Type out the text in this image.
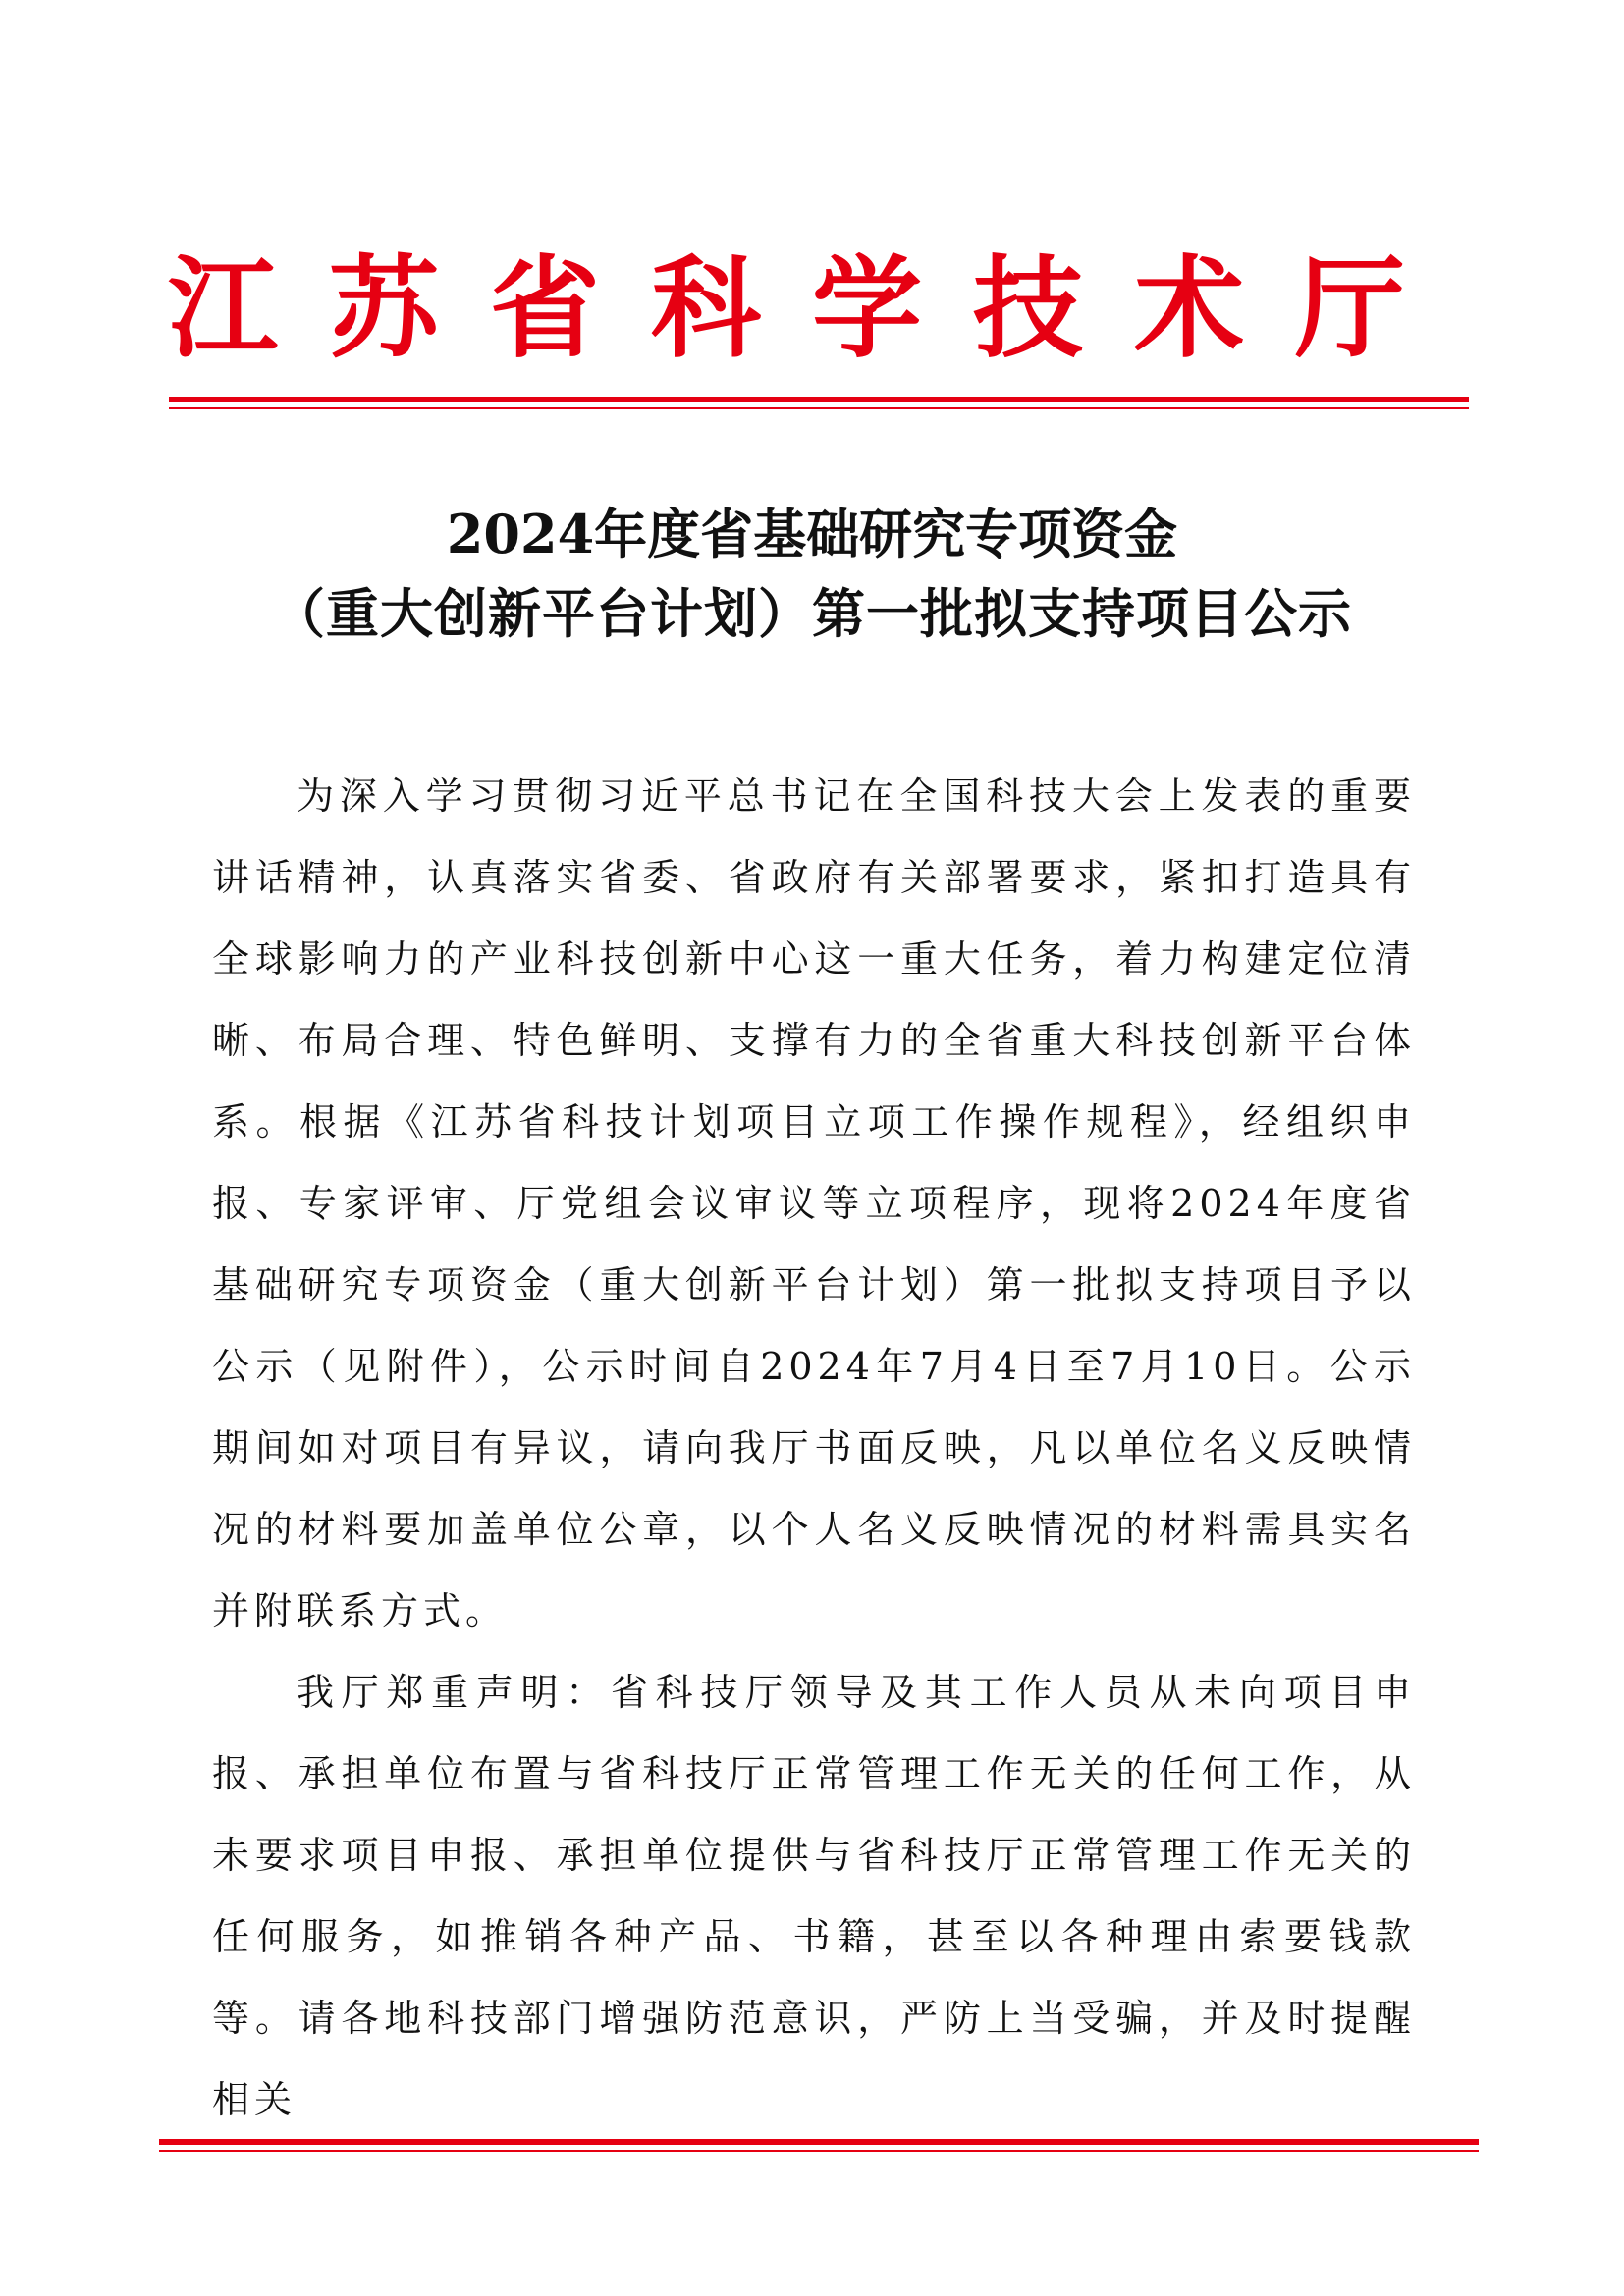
江苏省科学技术厅
2024年度省基础研究专项资金
（重大创新平台计划）第一批拟支持项目公示

为深入学习贯彻习近平总书记在全国科技大会上发表的重要讲话精神，认真落实省委、省政府有关部署要求，紧扣打造具有全球影响力的产业科技创新中心这一重大任务，着力构建定位清晰、布局合理、特色鲜明、支撑有力的全省重大科技创新平台体系。根据《江苏省科技计划项目立项工作操作规程》，经组织申报、专家评审、厅党组会议审议等立项程序，现将2024年度省基础研究专项资金（重大创新平台计划）第一批拟支持项目予以公示（见附件），公示时间自2024年7月4日至7月10日。公示期间如对项目有异议，请向我厅书面反映，凡以单位名义反映情况的材料要加盖单位公章，以个人名义反映情况的材料需具实名并附联系方式。

我厅郑重声明：省科技厅领导及其工作人员从未向项目申报、承担单位布置与省科技厅正常管理工作无关的任何工作，从未要求项目申报、承担单位提供与省科技厅正常管理工作无关的任何服务，如推销各种产品、书籍，甚至以各种理由索要钱款等。请各地科技部门增强防范意识，严防上当受骗，并及时提醒相关
